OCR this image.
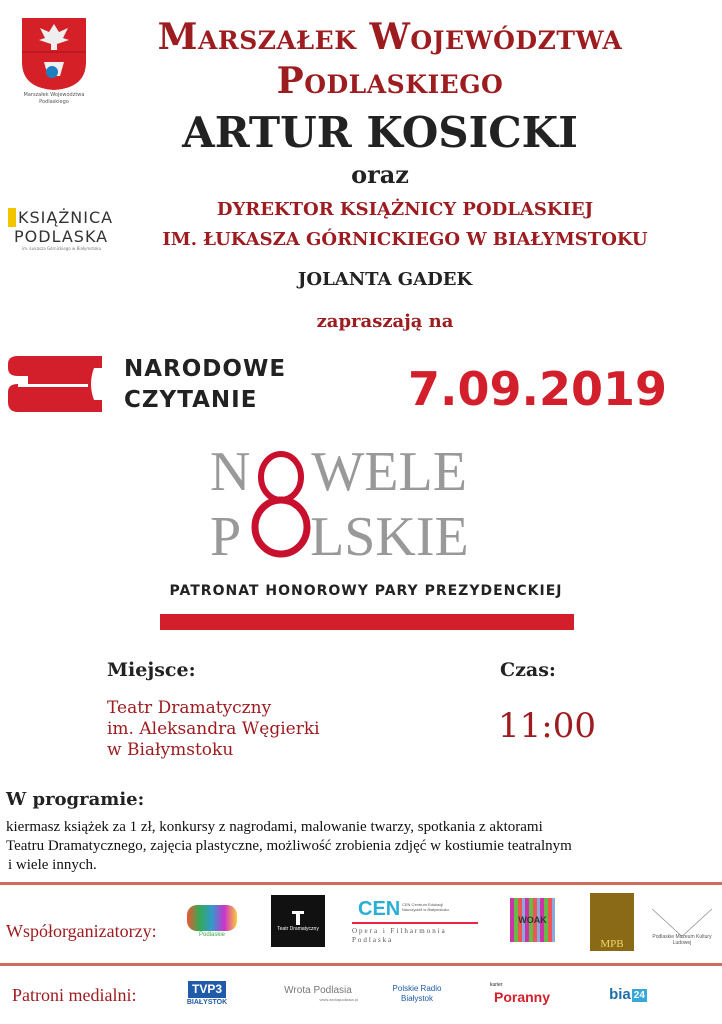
Marszałek Województwa Podlaskiego
Marszałek Województwa
Podlaskiego
ARTUR KOSICKI
oraz
DYREKTOR KSIĄŻNICY PODLASKIEJ
IM. ŁUKASZA GÓRNICKIEGO W BIAŁYMSTOKU
JOLANTA GADEK
zapraszają na
KSIĄŻNICA
PODLASKA
im. Łukasza Górnickiego w Białymstoku
NARODOWE
CZYTANIE	7.09.2019
N WELE
P LSKIE
PATRONAT HONOROWY PARY PREZYDENCKIEJ
Miejsce:
Teatr Dramatyczny
im. Aleksandra Węgierki
w Białymstoku
Czas:
11:00
W programie:
kiermasz książek za 1 zł, konkursy z nagrodami, malowanie twarzy, spotkania z aktorami
Teatru Dramatycznego, zajęcia plastyczne, możliwość zrobienia zdjęć w kostiumie teatralnym
i wiele innych.
Współorganizatorzy:	Podlaskie
Teatr Dramatyczny
CEN Centrum Edukacji Nauczycieli w Białymstoku
CEN
Opera i Filharmonia Podlaska
WOAK
MPB
Podlaskie Muzeum Kultury Ludowej
Patroni medialni:	TVP3
BIAŁYSTOK
Wrota Podlasia
www.wrotapodlasia.pl
Polskie Radio Białystok
kurier
Poranny	bia 24
